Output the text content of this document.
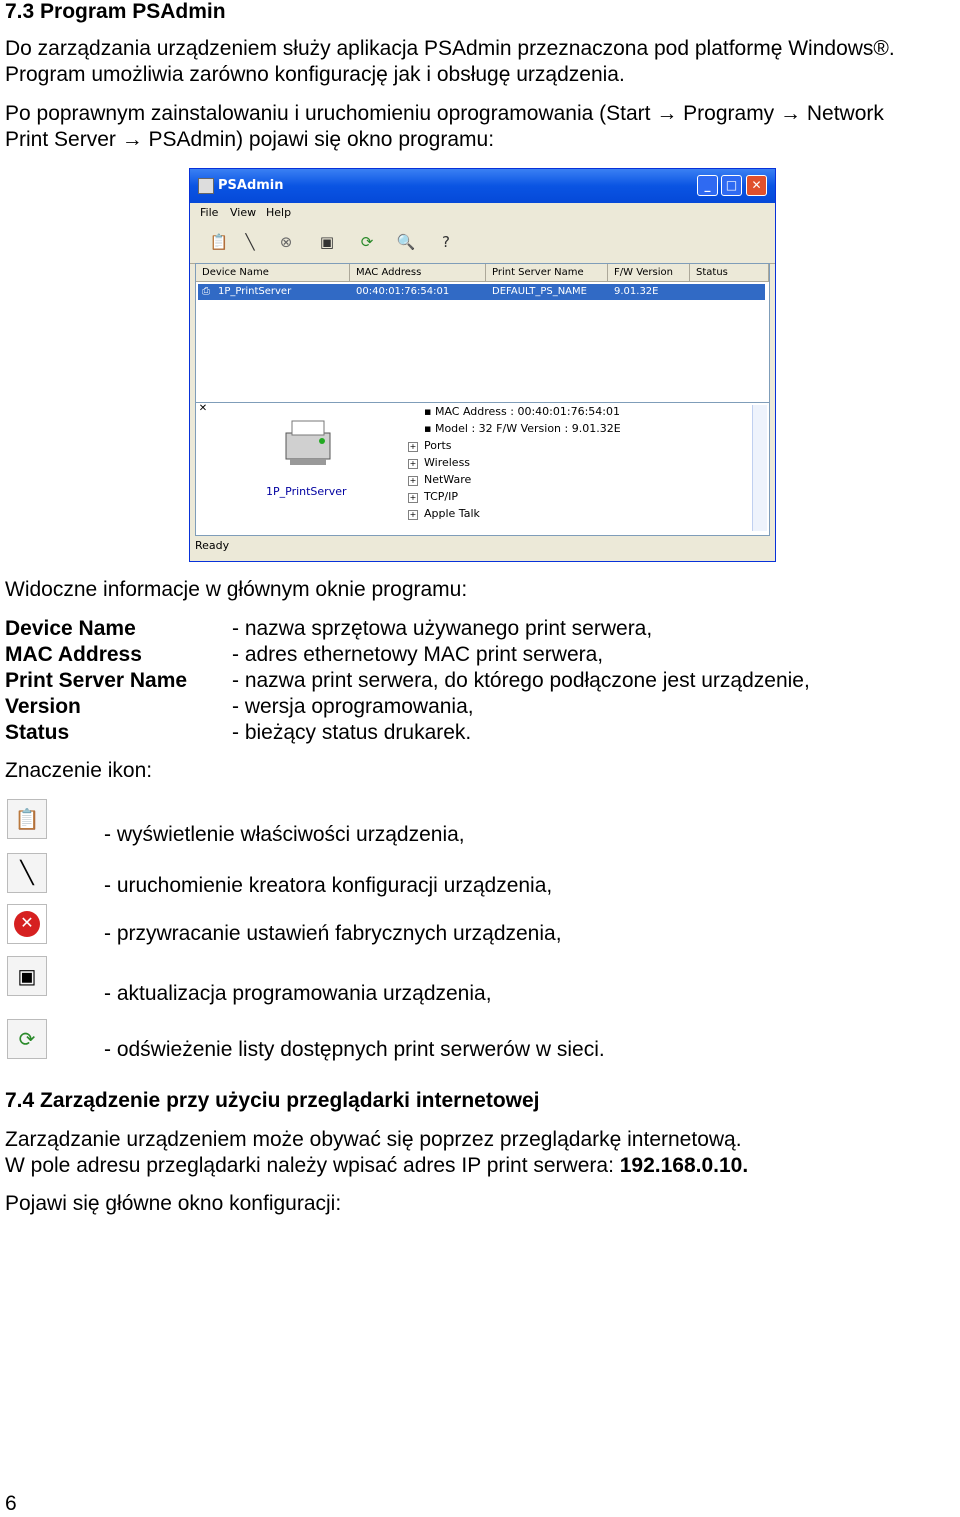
7.3 Program PSAdmin
Do zarządzania urządzeniem służy aplikacja PSAdmin przeznaczona pod platformę Windows®.
Program umożliwia zarówno konfigurację jak i obsługę urządzenia.
Po poprawnym zainstalowaniu i uruchomieniu oprogramowania (Start → Programy → Network
Print Server → PSAdmin) pojawi się okno programu:
PSAdmin	_	□	✕
File View Help
📋	╲	⊗	▣	⟳	🔍	?
Device Name	MAC Address	Print Server Name	F/W Version	Status
⎙ 1P_PrintServer	00:40:01:76:54:01	DEFAULT_PS_NAME	9.01.32E
✕
1P_PrintServer
▪ MAC Address : 00:40:01:76:54:01
▪ Model : 32 F/W Version : 9.01.32E
+ Ports
+ Wireless
+ NetWare
+ TCP/IP
+ Apple Talk
Ready
Widoczne informacje w głównym oknie programu:
Device Name	- nazwa sprzętowa używanego print serwera,
MAC Address	- adres ethernetowy MAC print serwera,
Print Server Name - nazwa print serwera, do którego podłączone jest urządzenie,
Version	- wersja oprogramowania,
Status	- bieżący status drukarek.
Znaczenie ikon:
📋
- wyświetlenie właściwości urządzenia,
╲
- uruchomienie kreatora konfiguracji urządzenia,
✕	- przywracanie ustawień fabrycznych urządzenia,
▣
- aktualizacja programowania urządzenia,
⟳	- odświeżenie listy dostępnych print serwerów w sieci.
7.4 Zarządzenie przy użyciu przeglądarki internetowej
Zarządzanie urządzeniem może obywać się poprzez przeglądarkę internetową.
W pole adresu przeglądarki należy wpisać adres IP print serwera: 192.168.0.10.
Pojawi się główne okno konfiguracji:
6
